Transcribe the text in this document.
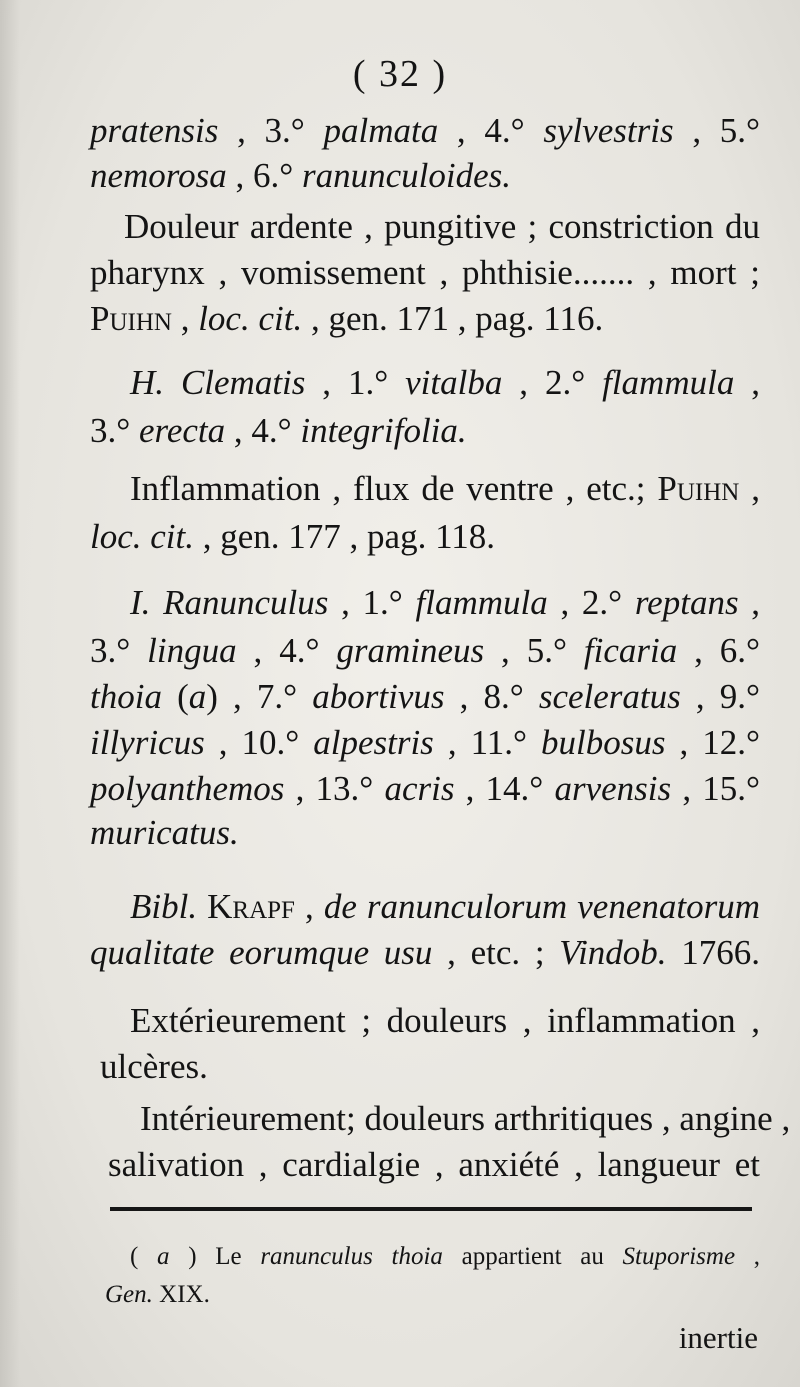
( 32 )
pratensis , 3.° palmata , 4.° sylvestris , 5.°
nemorosa , 6.° ranunculoides.
Douleur ardente , pungitive ; constriction du
pharynx , vomissement , phthisie....... , mort ;
Puihn , loc. cit. , gen. 171 , pag. 116.
H. Clematis , 1.° vitalba , 2.° flammula ,
3.° erecta , 4.° integrifolia.
Inflammation , flux de ventre , etc.; Puihn ,
loc. cit. , gen. 177 , pag. 118.
I. Ranunculus , 1.° flammula , 2.° reptans ,
3.° lingua , 4.° gramineus , 5.° ficaria , 6.°
thoia (a) , 7.° abortivus , 8.° sceleratus , 9.°
illyricus , 10.° alpestris , 11.° bulbosus , 12.°
polyanthemos , 13.° acris , 14.° arvensis , 15.°
muricatus.
Bibl. Krapf , de ranunculorum venenatorum
qualitate eorumque usu , etc. ; Vindob. 1766.
Extérieurement ; douleurs , inflammation ,
ulcères.
Intérieurement; douleurs arthritiques , angine ,
salivation , cardialgie , anxiété , langueur et
( a ) Le ranunculus thoia appartient au Stuporisme ,
Gen. XIX.
inertie
